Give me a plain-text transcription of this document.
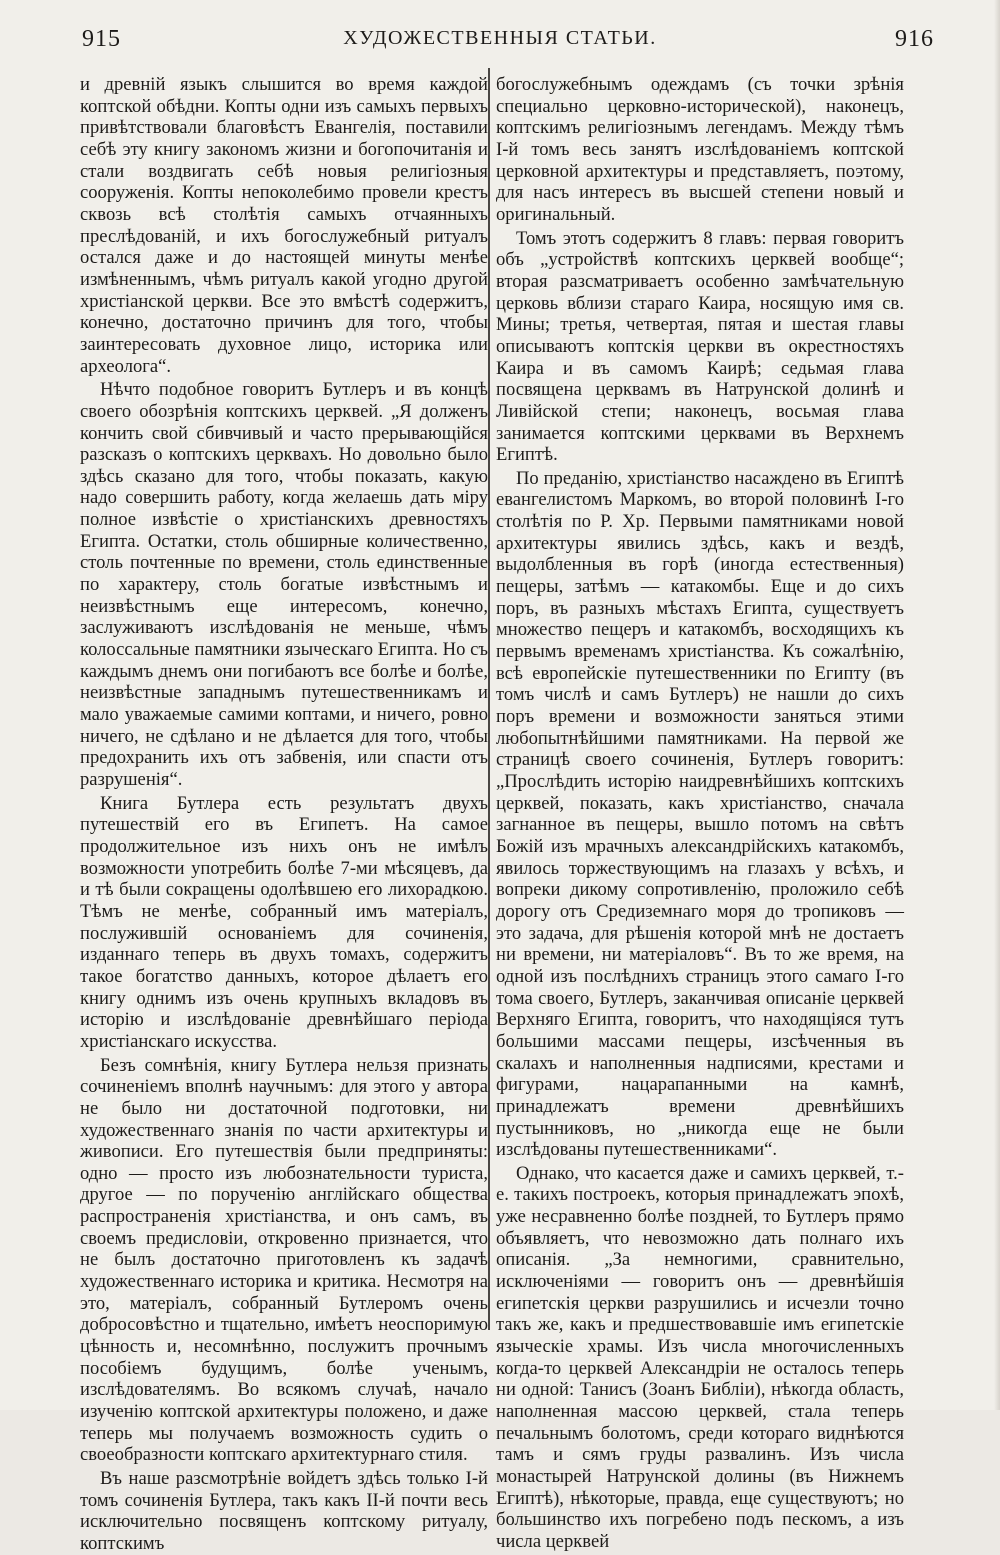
915	ХУДОЖЕСТВЕННЫЯ СТАТЬИ.	916

и древній языкъ слышится во время каждой коптской обѣдни. Копты одни изъ самыхъ первыхъ привѣтствовали благовѣстъ Евангелія, поставили себѣ эту книгу закономъ жизни и богопочитанія и стали воздвигать себѣ новыя религіозныя сооруженія. Копты непоколебимо провели крестъ сквозь всѣ столѣтія самыхъ отчаянныхъ преслѣдованій, и ихъ богослужебный ритуалъ остался даже и до настоящей минуты менѣе измѣненнымъ, чѣмъ ритуалъ какой угодно другой христіанской церкви. Все это вмѣстѣ содержитъ, конечно, достаточно причинъ для того, чтобы заинтересовать духовное лицо, историка или археолога“.

Нѣчто подобное говоритъ Бутлеръ и въ концѣ своего обозрѣнія коптскихъ церквей. „Я долженъ кончить свой сбивчивый и часто прерывающійся разсказъ о коптскихъ церквахъ. Но довольно было здѣсь сказано для того, чтобы показать, какую надо совершить работу, когда желаешь дать міру полное извѣстіе о христіанскихъ древностяхъ Египта. Остатки, столь обширные количественно, столь почтенные по времени, столь единственные по характеру, столь богатые извѣстнымъ и неизвѣстнымъ еще интересомъ, конечно, заслуживаютъ изслѣдованія не меньше, чѣмъ колоссальные памятники языческаго Египта. Но съ каждымъ днемъ они погибаютъ все болѣе и болѣе, неизвѣстные западнымъ путешественникамъ и мало уважаемые самими коптами, и ничего, ровно ничего, не сдѣлано и не дѣлается для того, чтобы предохранить ихъ отъ забвенія, или спасти отъ разрушенія“.

Книга Бутлера есть результатъ двухъ путешествій его въ Египетъ. На самое продолжительное изъ нихъ онъ не имѣлъ возможности употребить болѣе 7-ми мѣсяцевъ, да и тѣ были сокращены одолѣвшею его лихорадкою. Тѣмъ не менѣе, собранный имъ матеріалъ, послужившій основаніемъ для сочиненія, изданнаго теперь въ двухъ томахъ, содержитъ такое богатство данныхъ, которое дѣлаетъ его книгу однимъ изъ очень крупныхъ вкладовъ въ исторію и изслѣдованіе древнѣйшаго періода христіанскаго искусства.

Безъ сомнѣнія, книгу Бутлера нельзя признать сочиненіемъ вполнѣ научнымъ: для этого у автора не было ни достаточной подготовки, ни художественнаго знанія по части архитектуры и живописи. Его путешествія были предприняты: одно — просто изъ любознательности туриста, другое — по порученію англійскаго общества распространенія христіанства, и онъ самъ, въ своемъ предисловіи, откровенно признается, что не былъ достаточно приготовленъ къ задачѣ художественнаго историка и критика. Несмотря на это, матеріалъ, собранный Бутлеромъ очень добросовѣстно и тщательно, имѣетъ неоспоримую цѣнность и, несомнѣнно, послужитъ прочнымъ пособіемъ будущимъ, болѣе ученымъ, изслѣдователямъ. Во всякомъ случаѣ, начало изученію коптской архитектуры положено, и даже теперь мы получаемъ возможность судить о своеобразности коптскаго архитектурнаго стиля.

Въ наше разсмотрѣніе войдетъ здѣсь только І-й томъ сочиненія Бутлера, такъ какъ II-й почти весь исключительно посвященъ коптскому ритуалу, коптскимъ

богослужебнымъ одеждамъ (съ точки зрѣнія специально церковно-исторической), наконецъ, коптскимъ религіознымъ легендамъ. Между тѣмъ І-й томъ весь занятъ изслѣдованіемъ коптской церковной архитектуры и представляетъ, поэтому, для насъ интересъ въ высшей степени новый и оригинальный.

Томъ этотъ содержитъ 8 главъ: первая говоритъ объ „устройствѣ коптскихъ церквей вообще“; вторая разсматриваетъ особенно замѣчательную церковь вблизи стараго Каира, носящую имя св. Мины; третья, четвертая, пятая и шестая главы описываютъ коптскія церкви въ окрестностяхъ Каира и въ самомъ Каирѣ; седьмая глава посвящена церквамъ въ Натрунской долинѣ и Ливійской степи; наконецъ, восьмая глава занимается коптскими церквами въ Верхнемъ Египтѣ.

По преданію, христіанство насаждено въ Египтѣ евангелистомъ Маркомъ, во второй половинѣ І-го столѣтія по Р. Хр. Первыми памятниками новой архитектуры явились здѣсь, какъ и вездѣ, выдолбленныя въ горѣ (иногда естественныя) пещеры, затѣмъ — катакомбы. Еще и до сихъ поръ, въ разныхъ мѣстахъ Египта, существуетъ множество пещеръ и катакомбъ, восходящихъ къ первымъ временамъ христіанства. Къ сожалѣнію, всѣ европейскіе путешественники по Египту (въ томъ числѣ и самъ Бутлеръ) не нашли до сихъ поръ времени и возможности заняться этими любопытнѣйшими памятниками. На первой же страницѣ своего сочиненія, Бутлеръ говоритъ: „Прослѣдить исторію наидревнѣйшихъ коптскихъ церквей, показать, какъ христіанство, сначала загнанное въ пещеры, вышло потомъ на свѣтъ Божій изъ мрачныхъ александрійскихъ катакомбъ, явилось торжествующимъ на глазахъ у всѣхъ, и вопреки дикому сопротивленію, проложило себѣ дорогу отъ Средиземнаго моря до тропиковъ — это задача, для рѣшенія которой мнѣ не достаетъ ни времени, ни матеріаловъ“. Въ то же время, на одной изъ послѣднихъ страницъ этого самаго І-го тома своего, Бутлеръ, заканчивая описаніе церквей Верхняго Египта, говоритъ, что находящіяся тутъ большими массами пещеры, изсѣченныя въ скалахъ и наполненныя надписями, крестами и фигурами, нацарапанными на камнѣ, принадлежатъ времени древнѣйшихъ пустынниковъ, но „никогда еще не были изслѣдованы путешественниками“.

Однако, что касается даже и самихъ церквей, т.-е. такихъ построекъ, которыя принадлежатъ эпохѣ, уже несравненно болѣе поздней, то Бутлеръ прямо объявляетъ, что невозможно дать полнаго ихъ описанія. „За немногими, сравнительно, исключеніями — говоритъ онъ — древнѣйшія египетскія церкви разрушились и исчезли точно такъ же, какъ и предшествовавшіе имъ египетскіе языческіе храмы. Изъ числа многочисленныхъ когда-то церквей Александріи не осталось теперь ни одной: Танисъ (Зоанъ Библіи), нѣкогда область, наполненная массою церквей, стала теперь печальнымъ болотомъ, среди котораго виднѣются тамъ и сямъ груды развалинъ. Изъ числа монастырей Натрунской долины (въ Нижнемъ Египтѣ), нѣкоторые, правда, еще существуютъ; но большинство ихъ погребено подъ пескомъ, а изъ числа церквей
